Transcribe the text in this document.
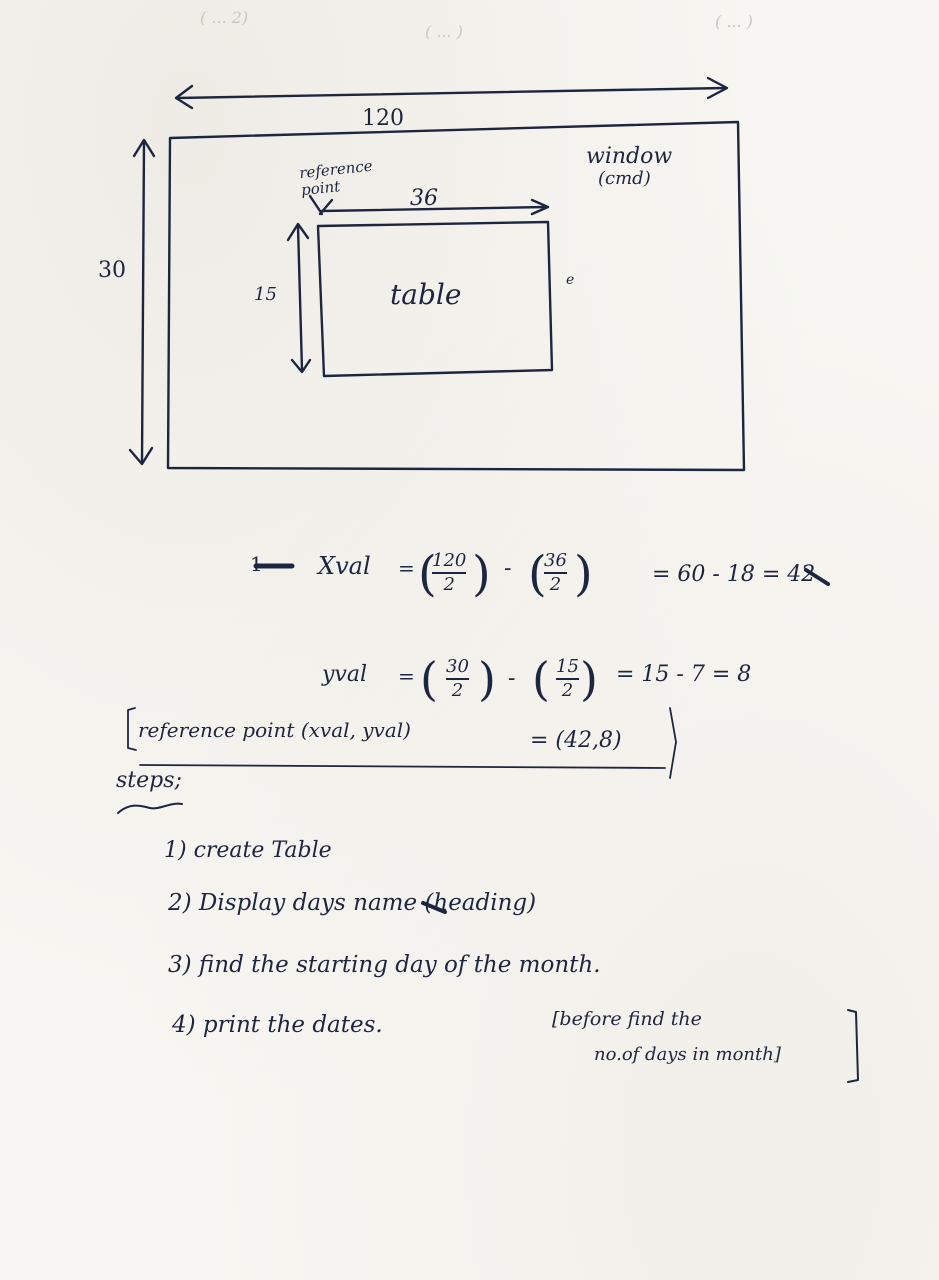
( ... 2)
( ... )
( ... )
120
30
reference point	36
window
(cmd)
15	table	e
1 Xval = (
120
2 ) - (
36
2 )	= 60 - 18 = 42
yval = ( 30
2 ) - ( 15
2 ) = 15 - 7 = 8
reference point (xval, yval)	= (42,8)
steps;
1) create Table
2) Display days name (heading)
3) find the starting day of the month.
4) print the dates.	[before find the
no.of days in month]
